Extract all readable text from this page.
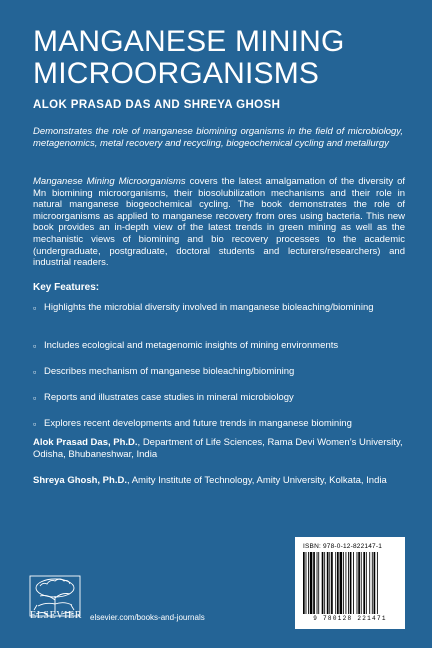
MANGANESE MINING
MICROORGANISMS
ALOK PRASAD DAS AND SHREYA GHOSH

Demonstrates the role of manganese biomining organisms in the field of microbiology, metagenomics, metal recovery and recycling, biogeochemical cycling and metallurgy

Manganese Mining Microorganisms covers the latest amalgamation of the diversity of Mn biomining microorganisms, their biosolubilization mechanisms and their role in natural manganese biogeochemical cycling. The book demonstrates the role of microorganisms as applied to manganese recovery from ores using bacteria. This new book provides an in-depth view of the latest trends in green mining as well as the mechanistic views of biomining and bio recovery processes to the academic (undergraduate, postgraduate, doctoral students and lecturers/researchers) and industrial readers.

Key Features:
▫ Highlights the microbial diversity involved in manganese bioleaching/biomining
▫ Includes ecological and metagenomic insights of mining environments
▫ Describes mechanism of manganese bioleaching/biomining
▫ Reports and illustrates case studies in mineral microbiology
▫ Explores recent developments and future trends in manganese biomining

Alok Prasad Das, Ph.D., Department of Life Sciences, Rama Devi Women’s University, Odisha, Bhubaneshwar, India

Shreya Ghosh, Ph.D., Amity Institute of Technology, Amity University, Kolkata, India

ELSEVIER elsevier.com/books-and-journals
ISBN: 978-0-12-822147-1
9 780128 221471
